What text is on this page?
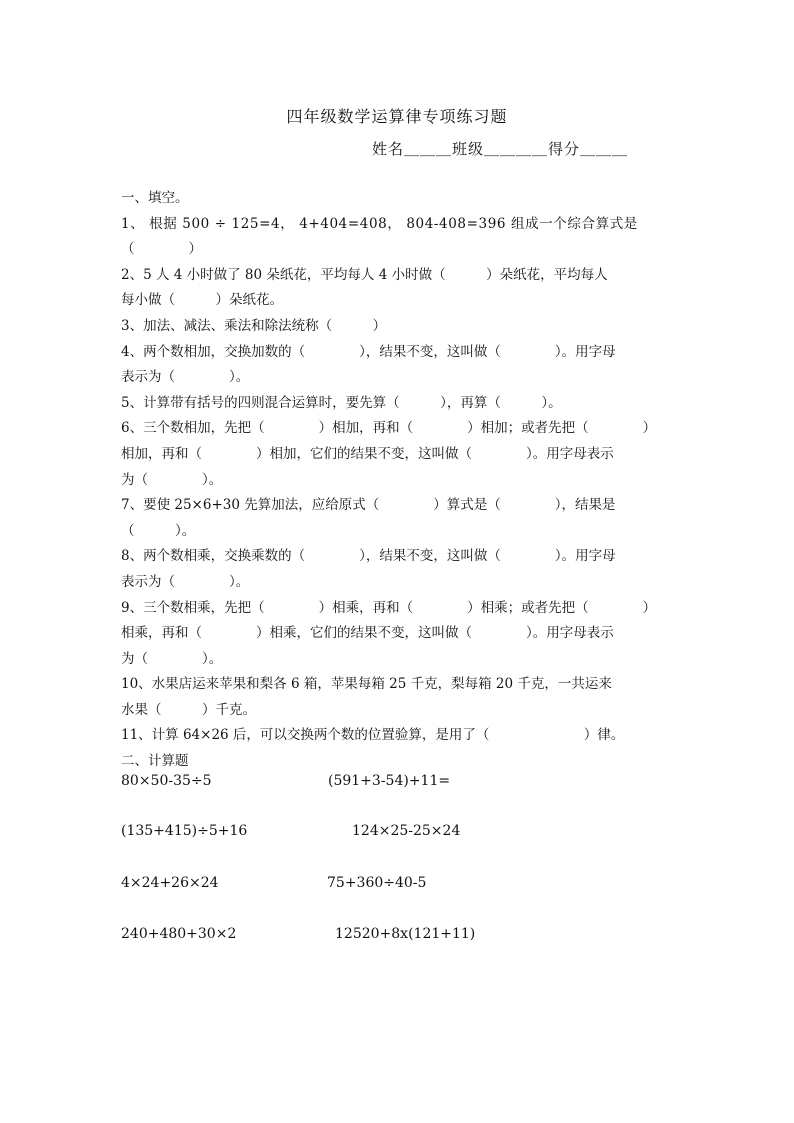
四年级数学运算律专项练习题
姓名＿＿＿班级＿＿＿＿得分＿＿＿
一、填空。
1、 根据 500 ÷ 125=4， 4+404=408， 804-408=396 组成一个综合算式是
（　　　　）
2、5 人 4 小时做了 80 朵纸花，平均每人 4 小时做（　　　）朵纸花，平均每人
每小做（　　　）朵纸花。
3、加法、减法、乘法和除法统称（　　　）
4、两个数相加，交换加数的（　　　　），结果不变，这叫做（　　　　）。用字母
表示为（　　　　）。
5、计算带有括号的四则混合运算时，要先算（　　　），再算（　　　）。
6、三个数相加，先把（　　　　）相加，再和（　　　　）相加；或者先把（　　　　）
相加，再和（　　　　）相加，它们的结果不变，这叫做（　　　　）。用字母表示
为（　　　　）。
7、要使 25×6+30 先算加法，应给原式（　　　　）算式是（　　　　），结果是
（　　　）。
8、两个数相乘，交换乘数的（　　　　），结果不变，这叫做（　　　　）。用字母
表示为（　　　　）。
9、三个数相乘，先把（　　　　）相乘，再和（　　　　）相乘；或者先把（　　　　）
相乘，再和（　　　　）相乘，它们的结果不变，这叫做（　　　　）。用字母表示
为（　　　　）。
10、水果店运来苹果和梨各 6 箱，苹果每箱 25 千克，梨每箱 20 千克，一共运来
水果（　　　）千克。
11、计算 64×26 后，可以交换两个数的位置验算，是用了（　　　　　　　）律。
二、计算题
80×50-35÷5	(591+3-54)+11=
(135+415)÷5+16	124×25-25×24
4×24+26×24	75+360÷40-5
240+480+30×2	12520+8x(121+11)
